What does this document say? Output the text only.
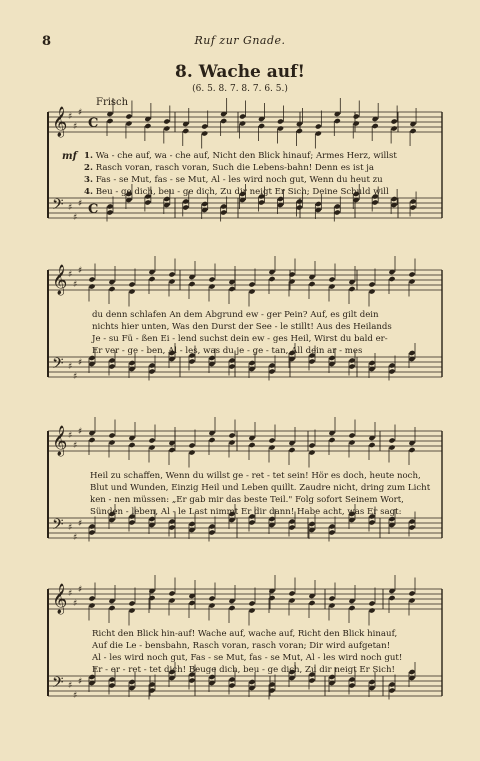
8	Ruf zur Gnade.
8. Wache auf!
(6. 5. 8. 7. 8. 7. 6. 5.)
Frisch
mf
𝄞 ♯
♯
♯
C
𝄢 ♯
♯
♯ C
𝄞 ♯
♯
♯
𝄢 ♯
♯
♯
𝄞 ♯
♯
♯
𝄢 ♯
♯
♯
𝄞 ♯
♯
♯
𝄢 ♯
♯
♯
1. Wa - che auf, wa - che auf, Nicht den Blick hinauf; Armes Herz, willst
2. Rasch voran, rasch voran, Such die Lebens-bahn! Denn es ist ja
3. Fas - se Mut, fas - se Mut, Al - les wird noch gut, Wenn du heut zu
4. Beu - ge dich, beu - ge dich, Zu dir neigt Er Sich; Deine Schuld will
du denn schlafen An dem Abgrund ew - ger Pein? Auf, es gilt dein
nichts hier unten, Was den Durst der See - le stillt! Aus des Heilands
Je - su Fü - ßen Ei - lend suchst dein ew - ges Heil, Wirst du bald er-
Er ver - ge - ben, Al - les, was du je - ge - tan, All dein ar - mes
Heil zu schaffen, Wenn du willst ge - ret - tet sein! Hör es doch, heute noch,
Blut und Wunden, Einzig Heil und Leben quillt. Zaudre nicht, dring zum Licht
ken - nen müssen: „Er gab mir das beste Teil." Folg sofort Seinem Wort,
Sünden - leben, Al - le Last nimmt Er dir dann! Habe acht, was Er sagt:
Richt den Blick hin-auf! Wache auf, wache auf, Richt den Blick hinauf,
Auf die Le - bensbahn, Rasch voran, rasch voran; Dir wird aufgetan!
Al - les wird noch gut, Fas - se Mut, fas - se Mut, Al - les wird noch gut!
Er - er - ret - tet dich! Beuge dich, beu - ge dich, Zu dir neigt Er Sich!
